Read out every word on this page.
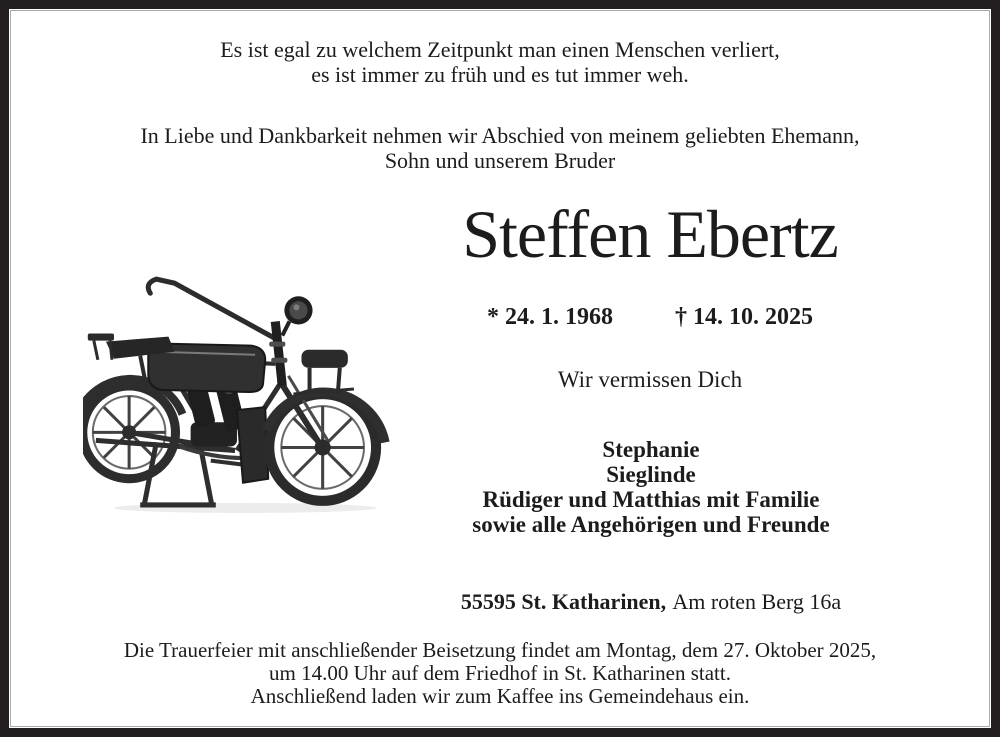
Es ist egal zu welchem Zeitpunkt man einen Menschen verliert,
es ist immer zu früh und es tut immer weh.
In Liebe und Dankbarkeit nehmen wir Abschied von meinem geliebten Ehemann,
Sohn und unserem Bruder
Steffen Ebertz
* 24. 1. 1968	† 14. 10. 2025
Wir vermissen Dich
Stephanie
Sieglinde
Rüdiger und Matthias mit Familie
sowie alle Angehörigen und Freunde
55595 St. Katharinen, Am roten Berg 16a
Die Trauerfeier mit anschließender Beisetzung findet am Montag, dem 27. Oktober 2025,
um 14.00 Uhr auf dem Friedhof in St. Katharinen statt.
Anschließend laden wir zum Kaffee ins Gemeindehaus ein.
